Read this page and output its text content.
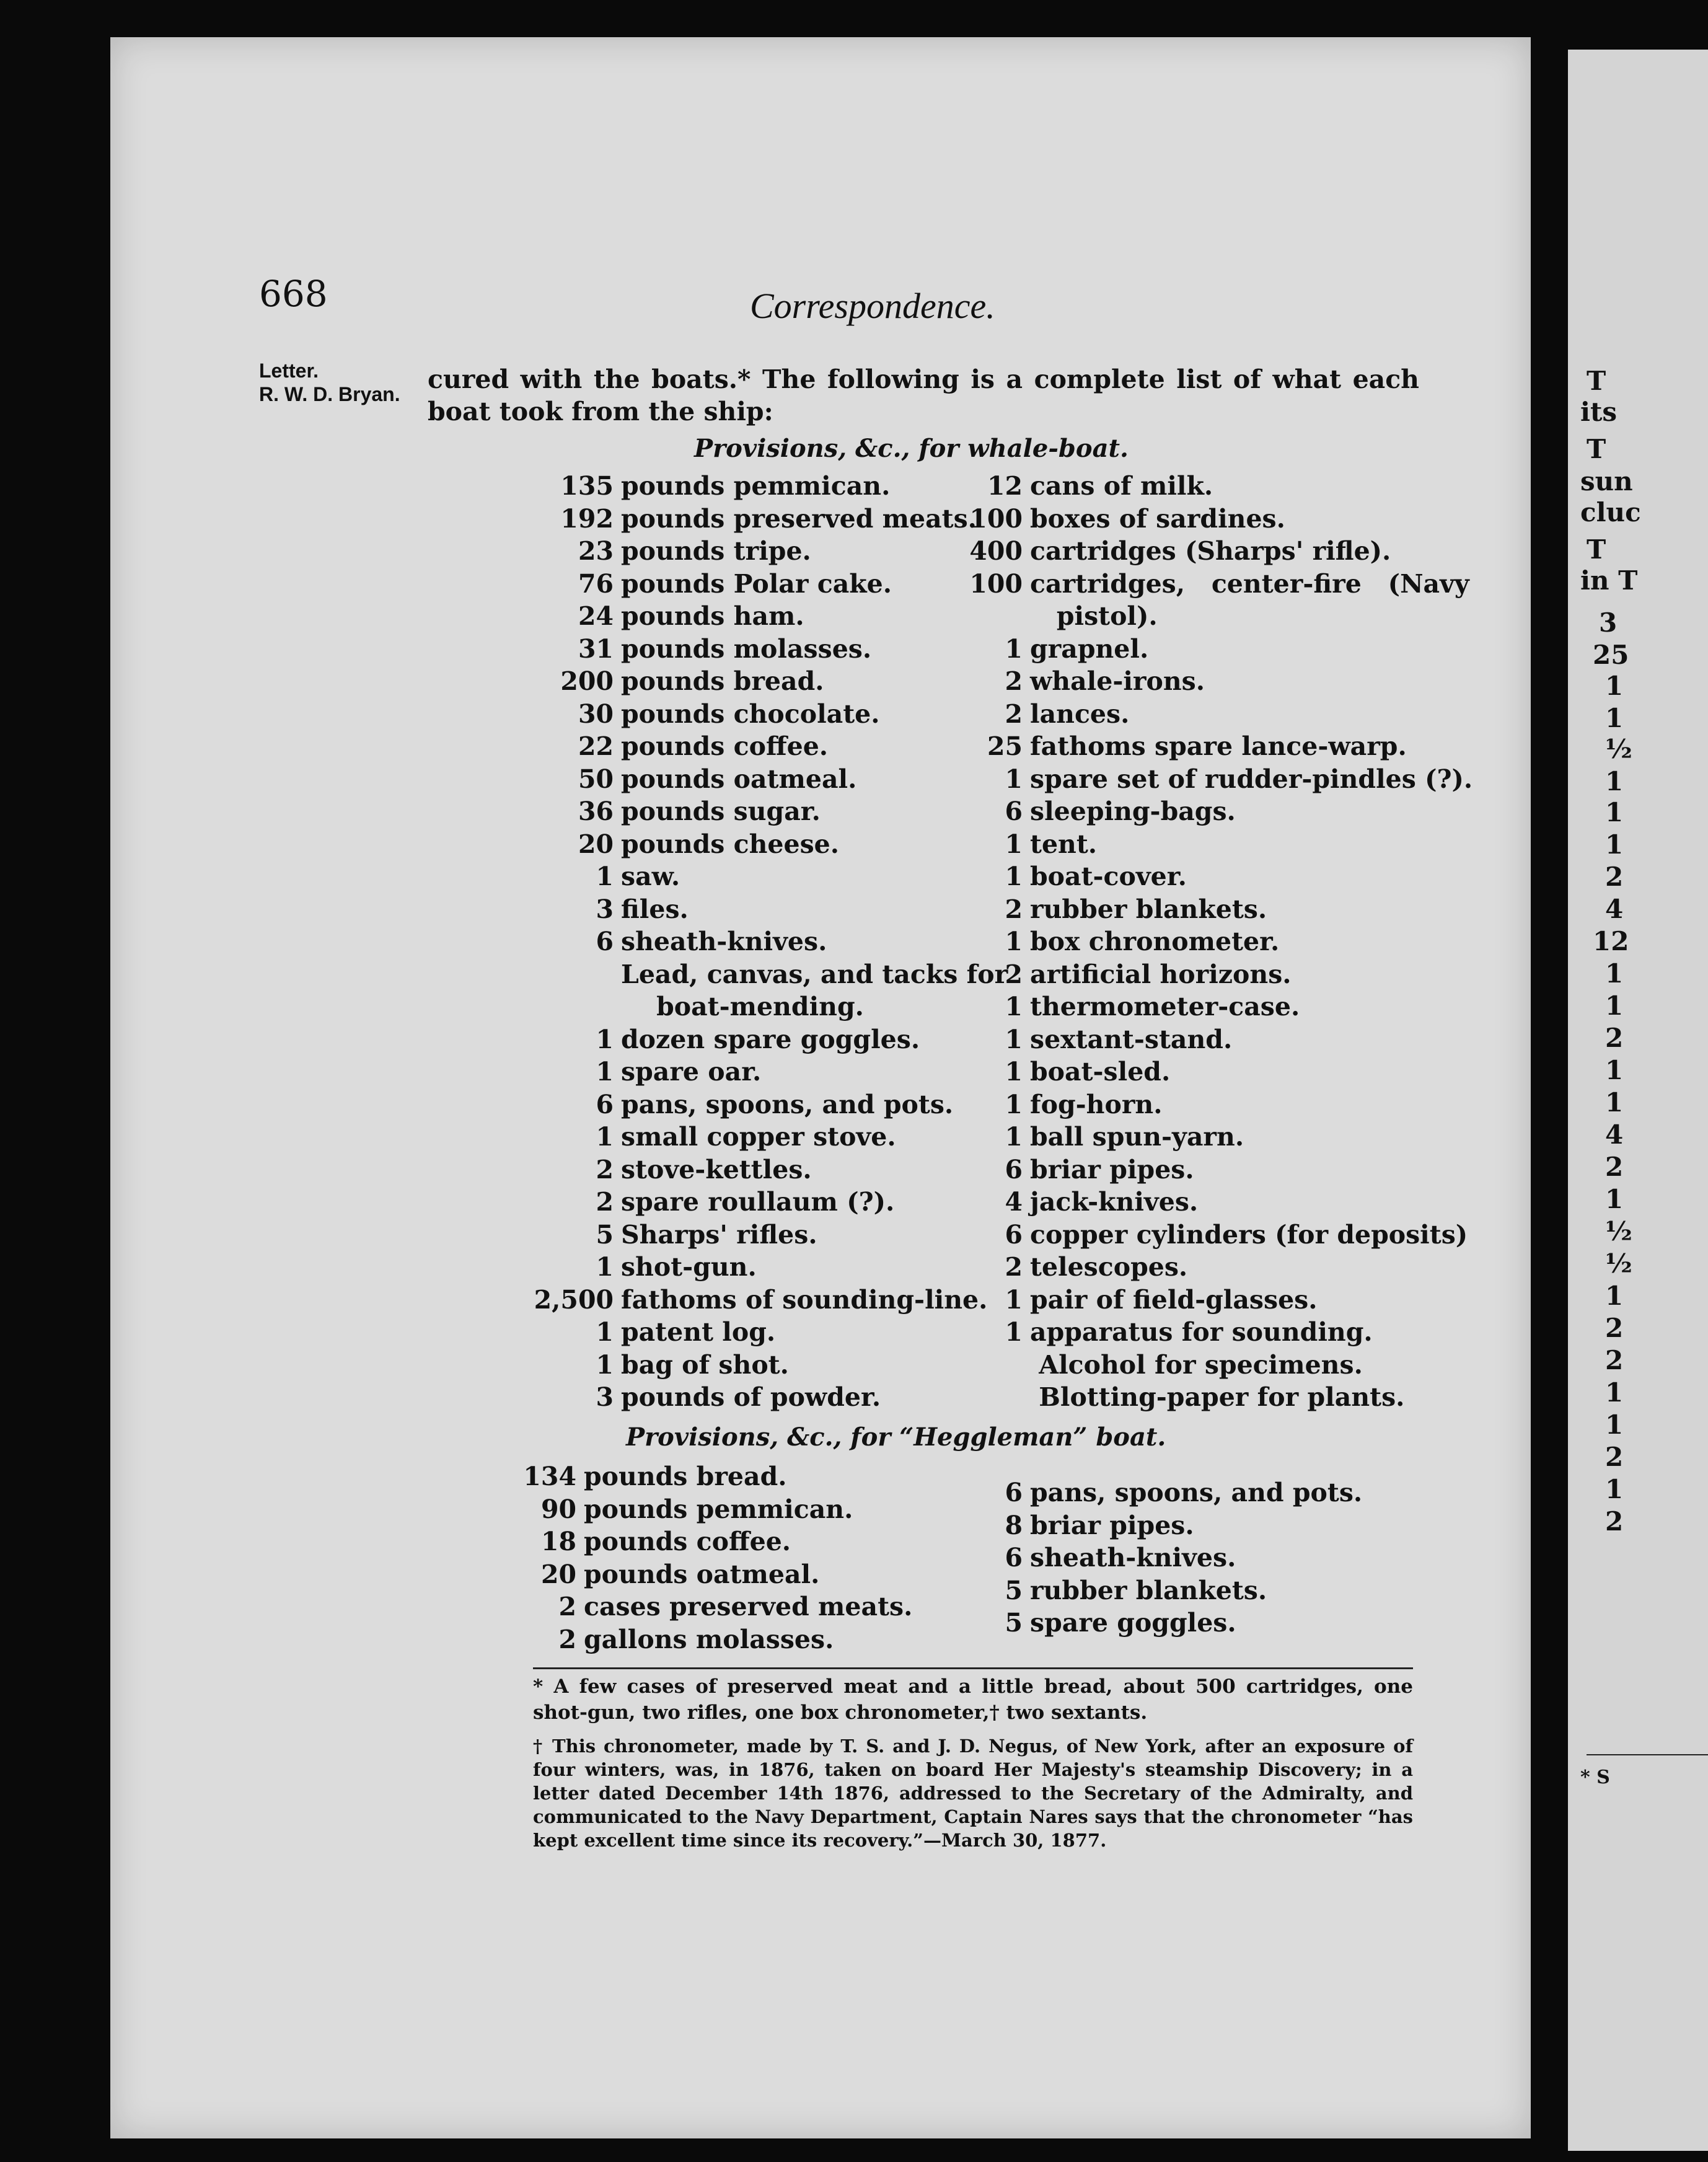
T
its
T
sun
cluc
T
in T
3
25
1
1
½
1
1
1
2
4
12
1
1
2
1
1
4
2
1
½
½
1
2
2
1
1
2
1
2
* S
668	Correspondence.
Letter.
R. W. D. Bryan. cured with the boats.* The following is a complete list of what each
boat took from the ship:
Provisions, &c., for whale-boat.
135 pounds pemmican.
192 pounds preserved meats.
23 pounds tripe.
76 pounds Polar cake.
24 pounds ham.
31 pounds molasses.
200 pounds bread.
30 pounds chocolate.
22 pounds coffee.
50 pounds oatmeal.
36 pounds sugar.
20 pounds cheese.
1 saw.
3 files.
6 sheath-knives.
Lead, canvas, and tacks for
boat-mending.
1 dozen spare goggles.
1 spare oar.
6 pans, spoons, and pots.
1 small copper stove.
2 stove-kettles.
2 spare roullaum (?).
5 Sharps' rifles.
1 shot-gun.
2,500 fathoms of sounding-line.
1 patent log.
1 bag of shot.
3 pounds of powder.
12 cans of milk.
100 boxes of sardines.
400 cartridges (Sharps' rifle).
100 cartridges,   center-fire   (Navy
pistol).
1 grapnel.
2 whale-irons.
2 lances.
25 fathoms spare lance-warp.
1 spare set of rudder-pindles (?).
6 sleeping-bags.
1 tent.
1 boat-cover.
2 rubber blankets.
1 box chronometer.
2 artificial horizons.
1 thermometer-case.
1 sextant-stand.
1 boat-sled.
1 fog-horn.
1 ball spun-yarn.
6 briar pipes.
4 jack-knives.
6 copper cylinders (for deposits)
2 telescopes.
1 pair of field-glasses.
1 apparatus for sounding.
Alcohol for specimens.
Blotting-paper for plants.
Provisions, &c., for “Heggleman” boat.
134 pounds bread.
90 pounds pemmican.
18 pounds coffee.
20 pounds oatmeal.
2 cases preserved meats.
2 gallons molasses.
6 pans, spoons, and pots.
8 briar pipes.
6 sheath-knives.
5 rubber blankets.
5 spare goggles.
* A few cases of preserved meat and a little bread, about 500 cartridges, one shot-gun, two rifles, one box chronometer,† two sextants.
† This chronometer, made by T. S. and J. D. Negus, of New York, after an exposure of four winters, was, in 1876, taken on board Her Majesty's steamship Discovery; in a letter dated December 14th 1876, addressed to the Secretary of the Admiralty, and communicated to the Navy Department, Captain Nares says that the chronometer “has kept excellent time since its recovery.”—March 30, 1877.
